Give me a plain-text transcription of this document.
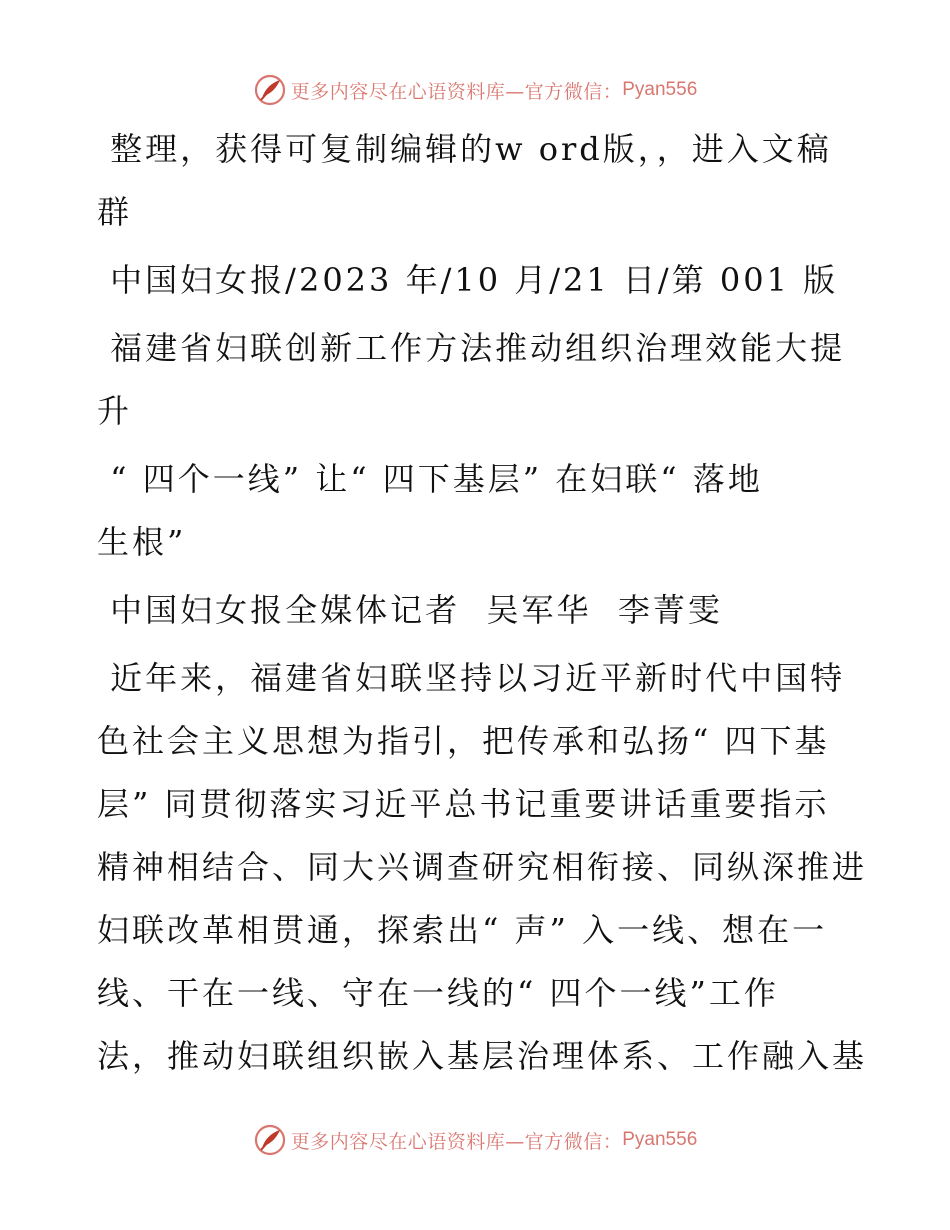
更多内容尽在心语资料库—官方微信： Pyan556
整理，获得可复制编辑的w ord版，，进入文稿
群
中国妇女报/2023 年/10 月/21 日/第 001 版
福建省妇联创新工作方法推动组织治理效能大提
升
“ 四个一线” 让“ 四下基层” 在妇联“ 落地
生根”
中国妇女报全媒体记者  吴军华  李菁雯
近年来，福建省妇联坚持以习近平新时代中国特
色社会主义思想为指引，把传承和弘扬“ 四下基
层” 同贯彻落实习近平总书记重要讲话重要指示
精神相结合、同大兴调查研究相衔接、同纵深推进
妇联改革相贯通，探索出“ 声” 入一线、想在一
线、干在一线、守在一线的“ 四个一线”工作
法，推动妇联组织嵌入基层治理体系、工作融入基
更多内容尽在心语资料库—官方微信： Pyan556
